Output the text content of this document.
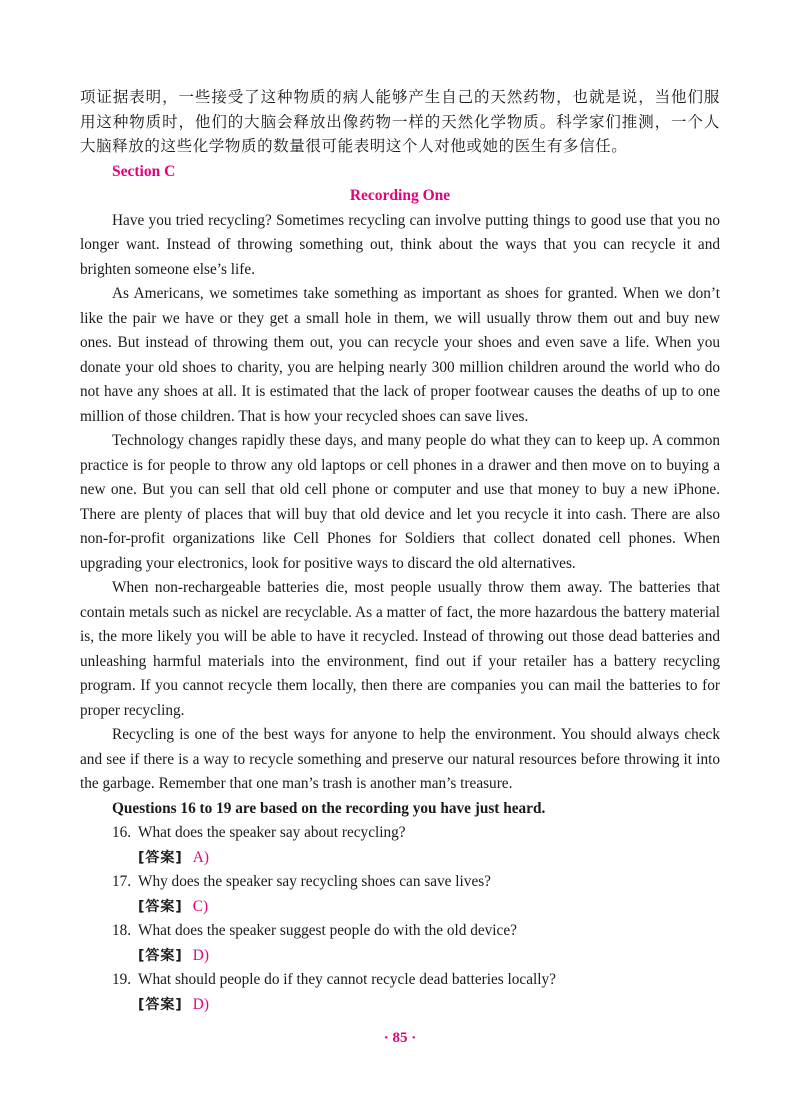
项证据表明，一些接受了这种物质的病人能够产生自己的天然药物，也就是说，当他们服用这种物质时，他们的大脑会释放出像药物一样的天然化学物质。科学家们推测，一个人大脑释放的这些化学物质的数量很可能表明这个人对他或她的医生有多信任。

Section C

Recording One

Have you tried recycling? Sometimes recycling can involve putting things to good use that you no longer want. Instead of throwing something out, think about the ways that you can recycle it and brighten someone else’s life.

As Americans, we sometimes take something as important as shoes for granted. When we don’t like the pair we have or they get a small hole in them, we will usually throw them out and buy new ones. But instead of throwing them out, you can recycle your shoes and even save a life. When you donate your old shoes to charity, you are helping nearly 300 million children around the world who do not have any shoes at all. It is estimated that the lack of proper footwear causes the deaths of up to one million of those children. That is how your recycled shoes can save lives.

Technology changes rapidly these days, and many people do what they can to keep up. A common practice is for people to throw any old laptops or cell phones in a drawer and then move on to buying a new one. But you can sell that old cell phone or computer and use that money to buy a new iPhone. There are plenty of places that will buy that old device and let you recycle it into cash. There are also non-for-profit organizations like Cell Phones for Soldiers that collect donated cell phones. When upgrading your electronics, look for positive ways to discard the old alternatives.

When non-rechargeable batteries die, most people usually throw them away. The batteries that contain metals such as nickel are recyclable. As a matter of fact, the more hazardous the battery material is, the more likely you will be able to have it recycled. Instead of throwing out those dead batteries and unleashing harmful materials into the environment, find out if your retailer has a battery recycling program. If you cannot recycle them locally, then there are companies you can mail the batteries to for proper recycling.

Recycling is one of the best ways for anyone to help the environment. You should always check and see if there is a way to recycle something and preserve our natural resources before throwing it into the garbage. Remember that one man’s trash is another man’s treasure.

Questions 16 to 19 are based on the recording you have just heard.

16. What does the speaker say about recycling?

[答案] A)

17. Why does the speaker say recycling shoes can save lives?

[答案] C)

18. What does the speaker suggest people do with the old device?

[答案] D)

19. What should people do if they cannot recycle dead batteries locally?

[答案] D)

· 85 ·
